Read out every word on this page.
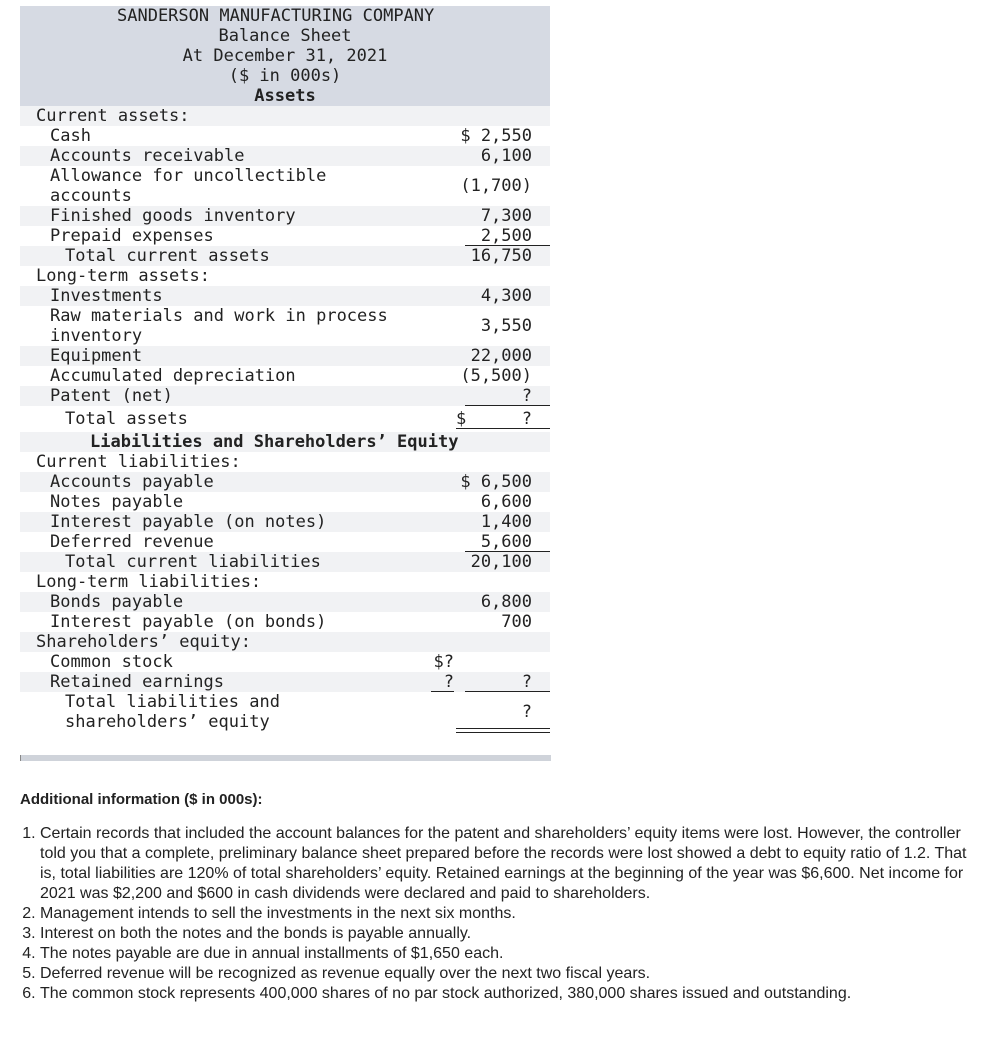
SANDERSON MANUFACTURING COMPANY
Balance Sheet
At December 31, 2021
($ in 000s)
Assets
Current assets:
Cash	$ 2,550
Accounts receivable	6,100
Allowance for uncollectible
accounts	(1,700)
Finished goods inventory	7,300
Prepaid expenses	2,500
Total current assets	16,750
Long-term assets:
Investments	4,300
Raw materials and work in process
inventory	3,550
Equipment	22,000
Accumulated depreciation	(5,500)
Patent (net)	?
Total assets	$	?
Liabilities and Shareholders’ Equity
Current liabilities:
Accounts payable	$ 6,500
Notes payable	6,600
Interest payable (on notes)	1,400
Deferred revenue	5,600
Total current liabilities	20,100
Long-term liabilities:
Bonds payable	6,800
Interest payable (on bonds)	700
Shareholders’ equity:
Common stock	$?
Retained earnings	?	?
Total liabilities and
shareholders’ equity	?
Additional information ($ in 000s):
1. Certain records that included the account balances for the patent and shareholders’ equity items were lost. However, the controller told you that a complete, preliminary balance sheet prepared before the records were lost showed a debt to equity ratio of 1.2. That is, total liabilities are 120% of total shareholders’ equity. Retained earnings at the beginning of the year was $6,600. Net income for 2021 was $2,200 and $600 in cash dividends were declared and paid to shareholders.
2. Management intends to sell the investments in the next six months.
3. Interest on both the notes and the bonds is payable annually.
4. The notes payable are due in annual installments of $1,650 each.
5. Deferred revenue will be recognized as revenue equally over the next two fiscal years.
6. The common stock represents 400,000 shares of no par stock authorized, 380,000 shares issued and outstanding.
